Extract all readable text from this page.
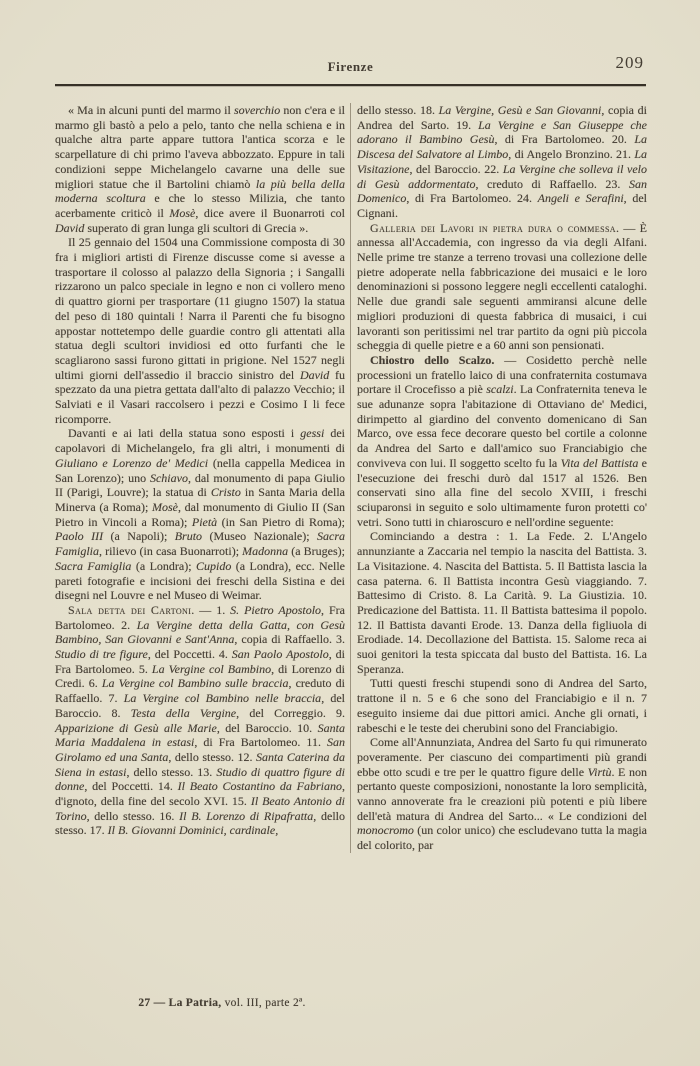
Firenze	209

« Ma in alcuni punti del marmo il soverchio non c'era e il marmo gli bastò a pelo a pelo, tanto che nella schiena e in qualche altra parte appare tuttora l'antica scorza e le scarpellature di chi primo l'aveva abbozzato. Eppure in tali condizioni seppe Michelangelo cavarne una delle sue migliori statue che il Bartolini chiamò la più bella della moderna scoltura e che lo stesso Milizia, che tanto acerbamente criticò il Mosè, dice avere il Buonarroti col David superato di gran lunga gli scultori di Grecia ».

Il 25 gennaio del 1504 una Commissione composta di 30 fra i migliori artisti di Firenze discusse come si avesse a trasportare il colosso al palazzo della Signoria ; i Sangalli rizzarono un palco speciale in legno e non ci vollero meno di quattro giorni per trasportare (11 giugno 1507) la statua del peso di 180 quintali ! Narra il Parenti che fu bisogno appostar nottetempo delle guardie contro gli attentati alla statua degli scultori invidiosi ed otto furfanti che le scagliarono sassi furono gittati in prigione. Nel 1527 negli ultimi giorni dell'assedio il braccio sinistro del David fu spezzato da una pietra gettata dall'alto di palazzo Vecchio; il Salviati e il Vasari raccolsero i pezzi e Cosimo I li fece ricomporre.

Davanti e ai lati della statua sono esposti i gessi dei capolavori di Michelangelo, fra gli altri, i monumenti di Giuliano e Lorenzo de' Medici (nella cappella Medicea in San Lorenzo); uno Schiavo, dal monumento di papa Giulio II (Parigi, Louvre); la statua di Cristo in Santa Maria della Minerva (a Roma); Mosè, dal monumento di Giulio II (San Pietro in Vincoli a Roma); Pietà (in San Pietro di Roma); Paolo III (a Napoli); Bruto (Museo Nazionale); Sacra Famiglia, rilievo (in casa Buonarroti); Madonna (a Bruges); Sacra Famiglia (a Londra); Cupido (a Londra), ecc. Nelle pareti fotografie e incisioni dei freschi della Sistina e dei disegni nel Louvre e nel Museo di Weimar.

Sala detta dei Cartoni. — 1. S. Pietro Apostolo, Fra Bartolomeo. 2. La Vergine detta della Gatta, con Gesù Bambino, San Giovanni e Sant'Anna, copia di Raffaello. 3. Studio di tre figure, del Poccetti. 4. San Paolo Apostolo, di Fra Bartolomeo. 5. La Vergine col Bambino, di Lorenzo di Credi. 6. La Vergine col Bambino sulle braccia, creduto di Raffaello. 7. La Vergine col Bambino nelle braccia, del Baroccio. 8. Testa della Vergine, del Correggio. 9. Apparizione di Gesù alle Marie, del Baroccio. 10. Santa Maria Maddalena in estasi, di Fra Bartolomeo. 11. San Girolamo ed una Santa, dello stesso. 12. Santa Caterina da Siena in estasi, dello stesso. 13. Studio di quattro figure di donne, del Poccetti. 14. Il Beato Costantino da Fabriano, d'ignoto, della fine del secolo XVI. 15. Il Beato Antonio di Torino, dello stesso. 16. Il B. Lorenzo di Ripafratta, dello stesso. 17. Il B. Giovanni Dominici, cardinale,

dello stesso. 18. La Vergine, Gesù e San Giovanni, copia di Andrea del Sarto. 19. La Vergine e San Giuseppe che adorano il Bambino Gesù, di Fra Bartolomeo. 20. La Discesa del Salvatore al Limbo, di Angelo Bronzino. 21. La Visitazione, del Baroccio. 22. La Vergine che solleva il velo di Gesù addormentato, creduto di Raffaello. 23. San Domenico, di Fra Bartolomeo. 24. Angeli e Serafini, del Cignani.

Galleria dei Lavori in pietra dura o commessa. — È annessa all'Accademia, con ingresso da via degli Alfani. Nelle prime tre stanze a terreno trovasi una collezione delle pietre adoperate nella fabbricazione dei musaici e le loro denominazioni si possono leggere negli eccellenti cataloghi. Nelle due grandi sale seguenti ammiransi alcune delle migliori produzioni di questa fabbrica di musaici, i cui lavoranti son peritissimi nel trar partito da ogni più piccola scheggia di quelle pietre e a 60 anni son pensionati.

Chiostro dello Scalzo. — Cosidetto perchè nelle processioni un fratello laico di una confraternita costumava portare il Crocefisso a piè scalzi. La Confraternita teneva le sue adunanze sopra l'abitazione di Ottaviano de' Medici, dirimpetto al giardino del convento domenicano di San Marco, ove essa fece decorare questo bel cortile a colonne da Andrea del Sarto e dall'amico suo Franciabigio che conviveva con lui. Il soggetto scelto fu la Vita del Battista e l'esecuzione dei freschi durò dal 1517 al 1526. Ben conservati sino alla fine del secolo XVIII, i freschi sciuparonsi in seguito e solo ultimamente furon protetti co' vetri. Sono tutti in chiaroscuro e nell'ordine seguente:

Cominciando a destra : 1. La Fede. 2. L'Angelo annunziante a Zaccaria nel tempio la nascita del Battista. 3. La Visitazione. 4. Nascita del Battista. 5. Il Battista lascia la casa paterna. 6. Il Battista incontra Gesù viaggiando. 7. Battesimo di Cristo. 8. La Carità. 9. La Giustizia. 10. Predicazione del Battista. 11. Il Battista battesima il popolo. 12. Il Battista davanti Erode. 13. Danza della figliuola di Erodiade. 14. Decollazione del Battista. 15. Salome reca ai suoi genitori la testa spiccata dal busto del Battista. 16. La Speranza.

Tutti questi freschi stupendi sono di Andrea del Sarto, trattone il n. 5 e 6 che sono del Franciabigio e il n. 7 eseguito insieme dai due pittori amici. Anche gli ornati, i rabeschi e le teste dei cherubini sono del Franciabigio.

Come all'Annunziata, Andrea del Sarto fu qui rimunerato poveramente. Per ciascuno dei compartimenti più grandi ebbe otto scudi e tre per le quattro figure delle Virtù. E non pertanto queste composizioni, nonostante la loro semplicità, vanno annoverate fra le creazioni più potenti e più libere dell'età matura di Andrea del Sarto... « Le condizioni del monocromo (un color unico) che escludevano tutta la magia del colorito, par

27 — La Patria, vol. III, parte 2ª.
